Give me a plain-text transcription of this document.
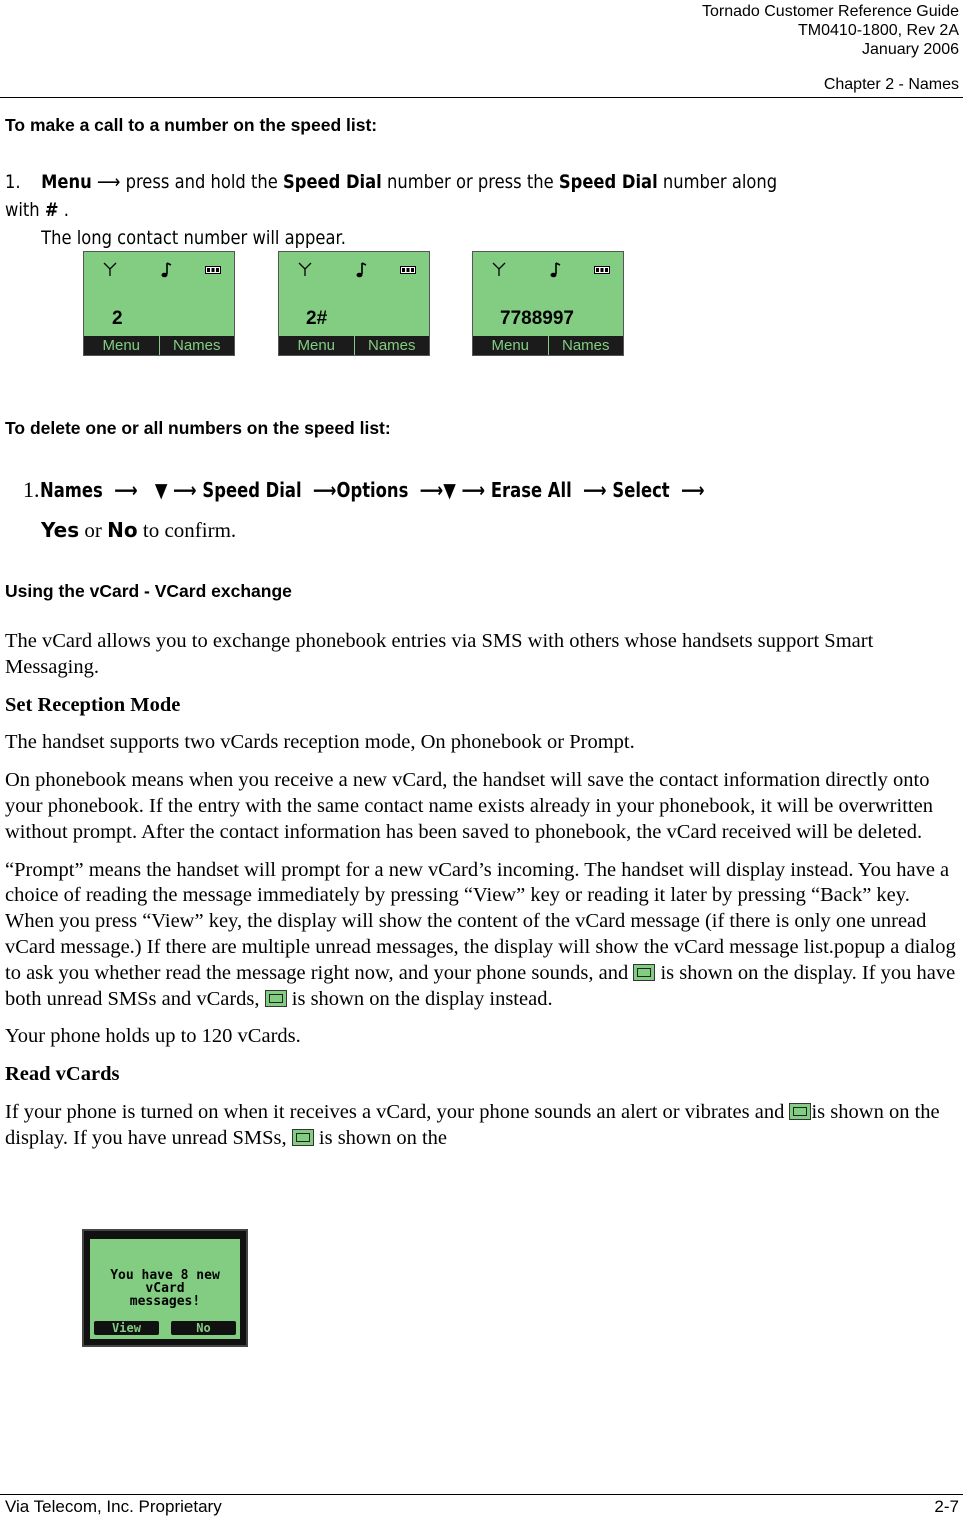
Tornado Customer Reference Guide
TM0410-1800, Rev 2A
January 2006
Chapter 2 - Names
To make a call to a number on the speed list:
1. Menu ⟶ press and hold the Speed Dial number or press the Speed Dial number along with # .
The long contact number will appear.
2
Menu	Names
2#
Menu	Names
7788997
Menu	Names
To delete one or all numbers on the speed list:
1.Names ⟶ ▼ ⟶ Speed Dial ⟶Options ⟶▼ ⟶ Erase All ⟶ Select ⟶
Yes or No to confirm.
Using the vCard - VCard exchange

The vCard allows you to exchange phonebook entries via SMS with others whose handsets support Smart Messaging.

Set Reception Mode

The handset supports two vCards reception mode, On phonebook or Prompt.

On phonebook means when you receive a new vCard, the handset will save the contact information directly onto your phonebook. If the entry with the same contact name exists already in your phonebook, it will be overwritten without prompt. After the contact information has been saved to phonebook, the vCard received will be deleted.

“Prompt” means the handset will prompt for a new vCard’s incoming. The handset will display instead. You have a choice of reading the message immediately by pressing “View” key or reading it later by pressing “Back” key. When you press “View” key, the display will show the content of the vCard message (if there is only one unread vCard message.) If there are multiple unread messages, the display will show the vCard message list.popup a dialog to ask you whether read the message right now, and your phone sounds, and  is shown on the display. If you have both unread SMSs and vCards,  is shown on the display instead.

Your phone holds up to 120 vCards.

Read vCards

If your phone is turned on when it receives a vCard, your phone sounds an alert or vibrates and is shown on the display. If you have unread SMSs,  is shown on the

You have 8 new
vCard
messages!
View	No
Via Telecom, Inc. Proprietary	2-7
